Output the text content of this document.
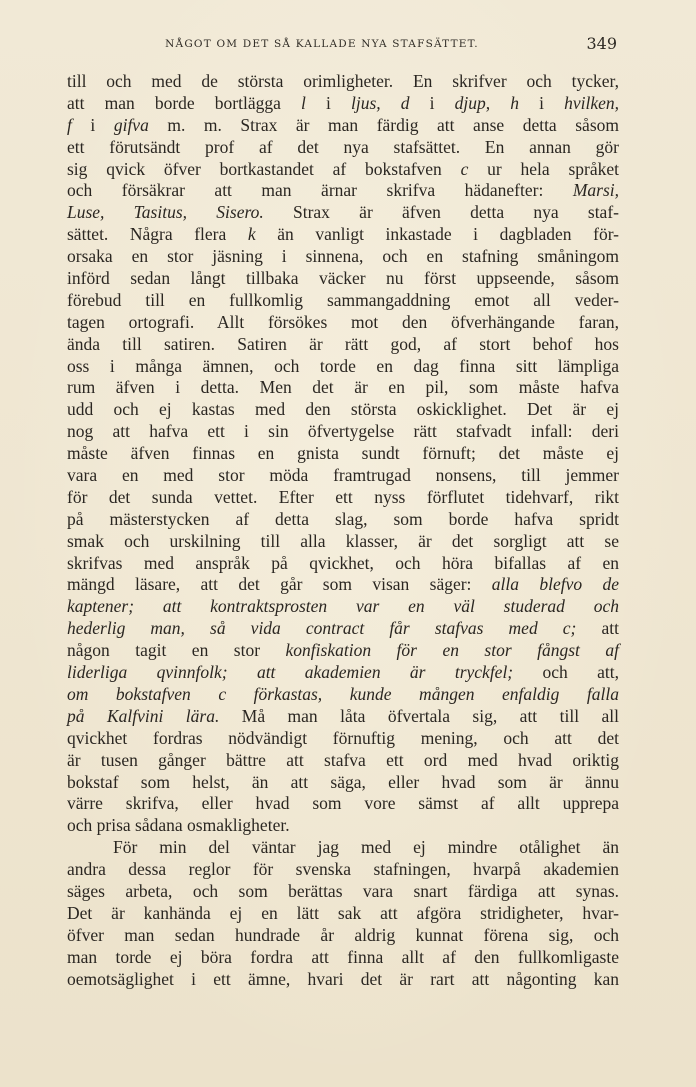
NÅGOT OM DET SÅ KALLADE NYA STAFSÄTTET.	349
till och med de största orimligheter. En skrifver och tycker,
att man borde bortlägga l i ljus, d i djup, h i hvilken,
f i gifva m. m. Strax är man färdig att anse detta såsom
ett förutsändt prof af det nya stafsättet. En annan gör
sig qvick öfver bortkastandet af bokstafven c ur hela språket
och försäkrar att man ärnar skrifva hädanefter: Marsi,
Luse, Tasitus, Sisero. Strax är äfven detta nya staf-
sättet. Några flera k än vanligt inkastade i dagbladen för-
orsaka en stor jäsning i sinnena, och en stafning småningom
införd sedan långt tillbaka väcker nu först uppseende, såsom
förebud till en fullkomlig sammangaddning emot all veder-
tagen ortografi. Allt försökes mot den öfverhängande faran,
ända till satiren. Satiren är rätt god, af stort behof hos
oss i många ämnen, och torde en dag finna sitt lämpliga
rum äfven i detta. Men det är en pil, som måste hafva
udd och ej kastas med den största oskicklighet. Det är ej
nog att hafva ett i sin öfvertygelse rätt stafvadt infall: deri
måste äfven finnas en gnista sundt förnuft; det måste ej
vara en med stor möda framtrugad nonsens, till jemmer
för det sunda vettet. Efter ett nyss förflutet tidehvarf, rikt
på mästerstycken af detta slag, som borde hafva spridt
smak och urskilning till alla klasser, är det sorgligt att se
skrifvas med anspråk på qvickhet, och höra bifallas af en
mängd läsare, att det går som visan säger: alla blefvo de
kaptener; att kontraktsprosten var en väl studerad och
hederlig man, så vida contract får stafvas med c; att
någon tagit en stor konfiskation för en stor fångst af
liderliga qvinnfolk; att akademien är tryckfel; och att,
om bokstafven c förkastas, kunde mången enfaldig falla
på Kalfvini lära. Må man låta öfvertala sig, att till all
qvickhet fordras nödvändigt förnuftig mening, och att det
är tusen gånger bättre att stafva ett ord med hvad oriktig
bokstaf som helst, än att säga, eller hvad som är ännu
värre skrifva, eller hvad som vore sämst af allt upprepa
och prisa sådana osmakligheter.
För min del väntar jag med ej mindre otålighet än
andra dessa reglor för svenska stafningen, hvarpå akademien
säges arbeta, och som berättas vara snart färdiga att synas.
Det är kanhända ej en lätt sak att afgöra stridigheter, hvar-
öfver man sedan hundrade år aldrig kunnat förena sig, och
man torde ej böra fordra att finna allt af den fullkomligaste
oemotsäglighet i ett ämne, hvari det är rart att någonting kan
